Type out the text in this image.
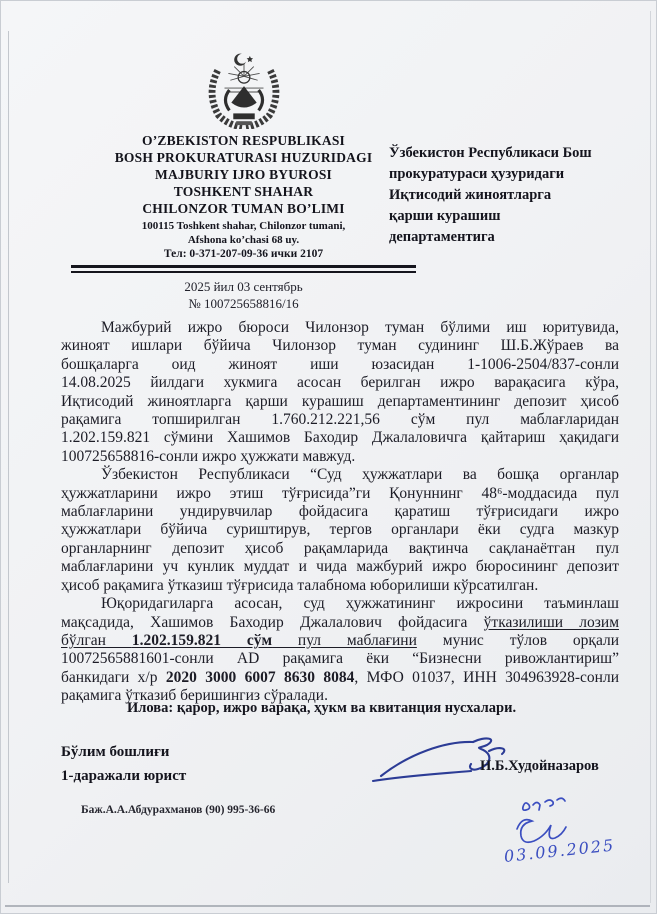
O’ZBEKISTON RESPUBLIKASI
BOSH PROKURATURASI HUZURIDAGI
MAJBURIY IJRO BYUROSI
TOSHKENT SHAHAR
CHILONZOR TUMAN BO’LIMI
100115 Toshkent shahar, Chilonzor tumani,
Afshona ko’chasi 68 uy.
Тел: 0-371-207-09-36 ички 2107
2025 йил 03 сентябрь
№ 100725658816/16
Ўзбекистон Республикаси Бош
прокуратураси ҳузуридаги
Иқтисодий жиноятларга
қарши курашиш
департаментига
Мажбурий ижро бюроси Чилонзор туман бўлими иш юритувида,
жиноят ишлари бўйича Чилонзор туман судининг Ш.Б.Жўраев ва
бошқаларга оид жиноят иши юзасидан 1-1006-2504/837-сонли
14.08.2025 йилдаги хукмига асосан берилган ижро варақасига кўра,
Иқтисодий жиноятларга қарши курашиш департаментининг депозит ҳисоб
рақамига топширилган 1.760.212.221,56 сўм пул маблағларидан
1.202.159.821 сўмини Хашимов Баходир Джалаловичга қайтариш ҳақидаги
100725658816-сонли ижро ҳужжати мавжуд.
Ўзбекистон Республикаси “Суд ҳужжатлари ва бошқа органлар
ҳужжатларини ижро этиш тўғрисида”ги Қонуннинг 48⁶-моддасида пул
маблағларини ундирувчилар фойдасига қаратиш тўғрисидаги ижро
ҳужжатлари бўйича суриштирув, тергов органлари ёки судга мазкур
органларнинг депозит ҳисоб рақамларида вақтинча сақланаётган пул
маблағларини уч кунлик муддат и чида мажбурий ижро бюросининг депозит
ҳисоб рақамига ўтказиш тўғрисида талабнома юборилиши кўрсатилган.
Юқоридагиларга асосан, суд ҳужжатининг ижросини таъминлаш
мақсадида, Хашимов Баходир Джалалович фойдасига ўтказилиши лозим
бўлган 1.202.159.821 сўм пул маблағини мунис тўлов орқали
10072565881601-сонли AD рақамига ёки “Бизнесни ривожлантириш”
банкидаги х/р 2020 3000 6007 8630 8084, МФО 01037, ИНН 304963928-сонли
рақамига ўтказиб беришингиз сўралади.
Илова: қарор, ижро варақа, ҳукм ва квитанция нусхалари.
Бўлим бошлиғи
1-даражали юрист
Н.Б.Худойназаров
Баж.А.А.Абдурахманов (90) 995-36-66
03.09.2025
